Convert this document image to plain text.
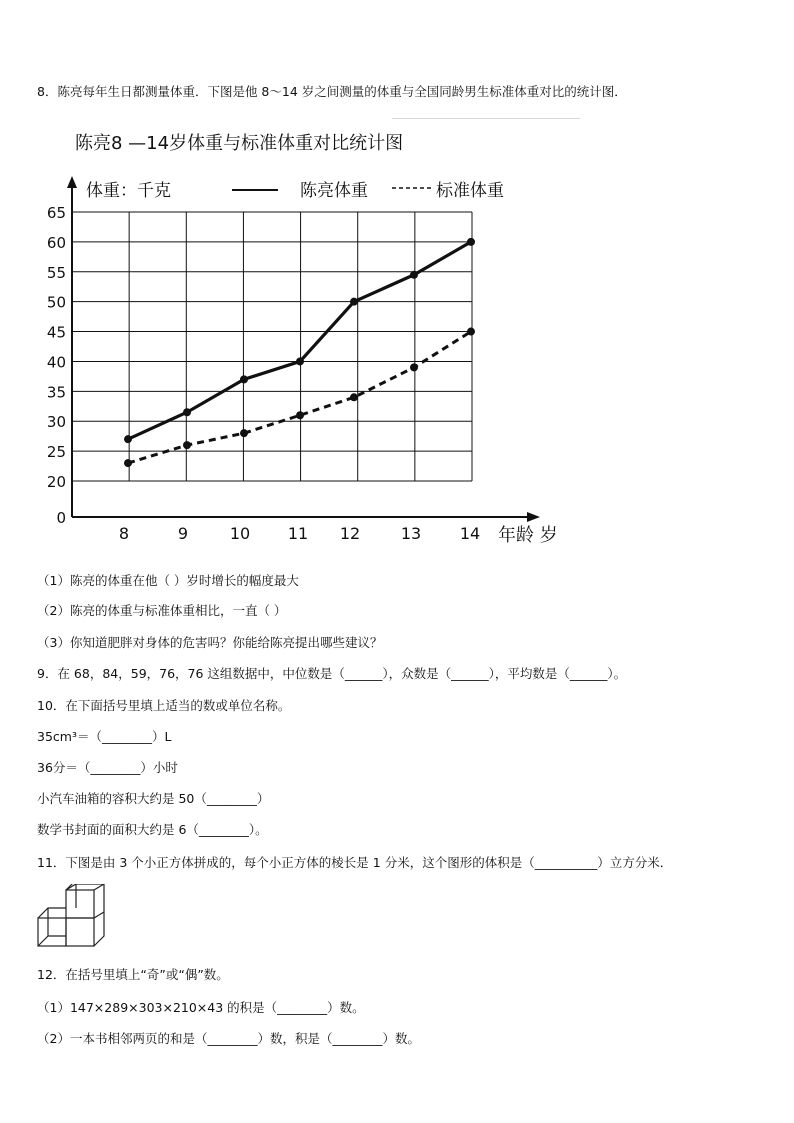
8．陈亮每年生日都测量体重．下图是他 8～14 岁之间测量的体重与全国同龄男生标准体重对比的统计图．
陈亮8 —14岁体重与标准体重对比统计图
体重：千克	陈亮体重	标准体重
0
20
25
30
35
40
45
50
55
60
65
8	9	10 11 12	13 14 年龄 岁
（1）陈亮的体重在他（ ）岁时增长的幅度最大
（2）陈亮的体重与标准体重相比，一直（ ）
（3）你知道肥胖对身体的危害吗？你能给陈亮提出哪些建议？
9．在 68，84，59，76，76 这组数据中，中位数是（______），众数是（______），平均数是（______）。
10．在下面括号里填上适当的数或单位名称。
35cm³＝（________）L
36分＝（________）小时
小汽车油箱的容积大约是 50（________）
数学书封面的面积大约是 6（________）。
11．下图是由 3 个小正方体拼成的，每个小正方体的棱长是 1 分米，这个图形的体积是（__________）立方分米．
12．在括号里填上“奇”或“偶”数。
（1）147×289×303×210×43 的积是（________）数。
（2）一本书相邻两页的和是（________）数，积是（________）数。
